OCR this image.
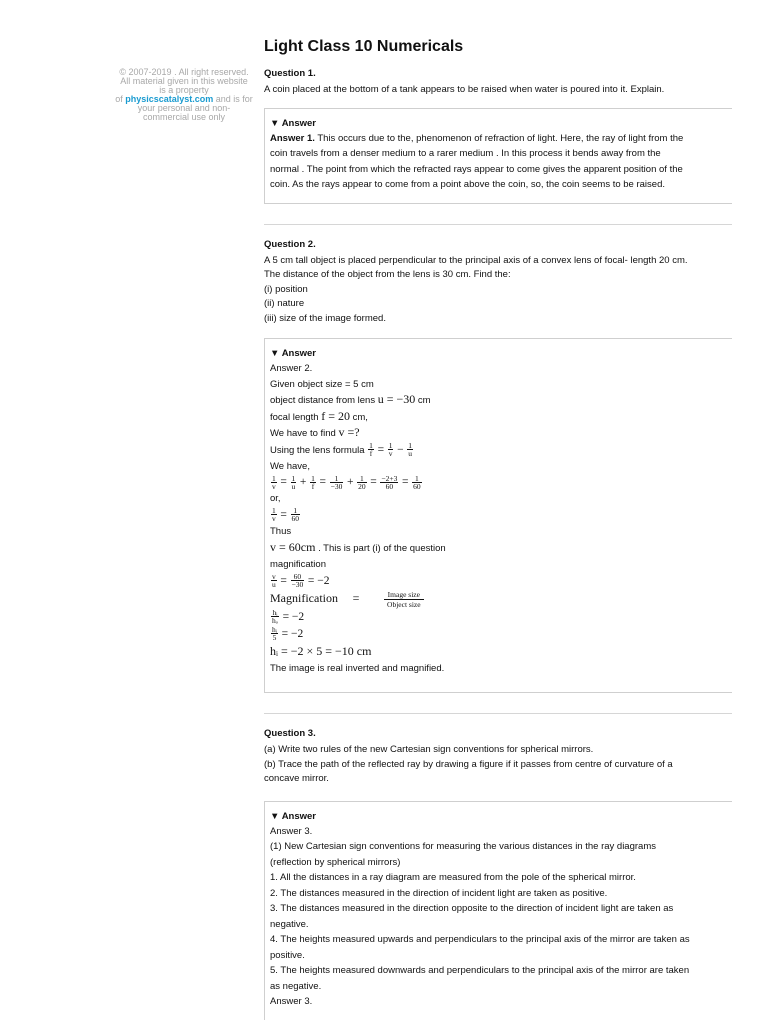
© 2007-2019 . All right reserved.
All material given in this website
is a property
of physicscatalyst.com and is for
your personal and non-
commercial use only
Light Class 10 Numericals

Question 1.

A coin placed at the bottom of a tank appears to be raised when water is poured into it. Explain.

▼ Answer

Answer 1. This occurs due to the, phenomenon of refraction of light. Here, the ray of light from the

coin travels from a denser medium to a rarer medium . In this process it bends away from the

normal . The point from which the refracted rays appear to come gives the apparent position of the

coin. As the rays appear to come from a point above the coin, so, the coin seems to be raised.

Question 2.

A 5 cm tall object is placed perpendicular to the principal axis of a convex lens of focal- length 20 cm.

The distance of the object from the lens is 30 cm. Find the:

(i) position

(ii) nature

(iii) size of the image formed.

▼ Answer

Answer 2.

Given object size = 5 cm

object distance from lens u = −30 cm

focal length f = 20 cm,

We have to find v =?

Using the lens formula $\frac{1}{f} = \frac{1}{v} - \frac{1}{u}$

We have,

$\frac{1}{v} = \frac{1}{u} + \frac{1}{f} = \frac{1}{-30} + \frac{1}{20} = \frac{-2+3}{60} = \frac{1}{60}$

or,

$\frac{1}{v} = \frac{1}{60}$

Thus

v = 60cm . This is part (i) of the question

magnification

$\frac{v}{u} = \frac{60}{-30} = -2$

Magnification =	Image size
Object size

$\frac{\text{hᵢ}}{\text{hₒ}} = -2$

$\frac{\text{hᵢ}}{5} = -2$

hᵢ = −2 × 5 = −10 cm

The image is real inverted and magnified.

Question 3.

(a) Write two rules of the new Cartesian sign conventions for spherical mirrors.

(b) Trace the path of the reflected ray by drawing a figure if it passes from centre of curvature of a

concave mirror.

▼ Answer

Answer 3.

(1) New Cartesian sign conventions for measuring the various distances in the ray diagrams

(reflection by spherical mirrors)

1. All the distances in a ray diagram are measured from the pole of the spherical mirror.

2. The distances measured in the direction of incident light are taken as positive.

3. The distances measured in the direction opposite to the direction of incident light are taken as

negative.

4. The heights measured upwards and perpendiculars to the principal axis of the mirror are taken as

positive.

5. The heights measured downwards and perpendiculars to the principal axis of the mirror are taken

as negative.

Answer 3.
